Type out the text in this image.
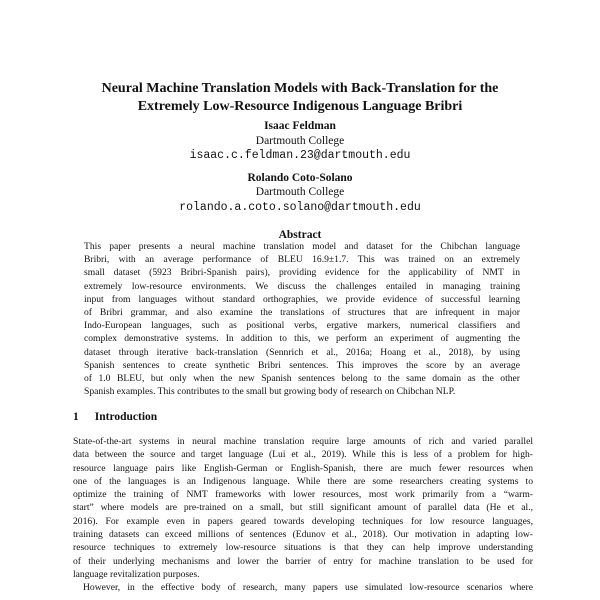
Neural Machine Translation Models with Back-Translation for the
Extremely Low-Resource Indigenous Language Bribri
Isaac Feldman
Dartmouth College
isaac.c.feldman.23@dartmouth.edu
Rolando Coto-Solano
Dartmouth College
rolando.a.coto.solano@dartmouth.edu
Abstract
This paper presents a neural machine translation model and dataset for the Chibchan language
Bribri, with an average performance of BLEU 16.9±1.7. This was trained on an extremely
small dataset (5923 Bribri-Spanish pairs), providing evidence for the applicability of NMT in
extremely low-resource environments. We discuss the challenges entailed in managing training
input from languages without standard orthographies, we provide evidence of successful learning
of Bribri grammar, and also examine the translations of structures that are infrequent in major
Indo-European languages, such as positional verbs, ergative markers, numerical classifiers and
complex demonstrative systems. In addition to this, we perform an experiment of augmenting the
dataset through iterative back-translation (Sennrich et al., 2016a; Hoang et al., 2018), by using
Spanish sentences to create synthetic Bribri sentences. This improves the score by an average
of 1.0 BLEU, but only when the new Spanish sentences belong to the same domain as the other
Spanish examples. This contributes to the small but growing body of research on Chibchan NLP.
1 Introduction
State-of-the-art systems in neural machine translation require large amounts of rich and varied parallel
data between the source and target language (Lui et al., 2019). While this is less of a problem for high-
resource language pairs like English-German or English-Spanish, there are much fewer resources when
one of the languages is an Indigenous language. While there are some researchers creating systems to
optimize the training of NMT frameworks with lower resources, most work primarily from a “warm-
start” where models are pre-trained on a small, but still significant amount of parallel data (He et al.,
2016). For example even in papers geared towards developing techniques for low resource languages,
training datasets can exceed millions of sentences (Edunov et al., 2018). Our motivation in adapting low-
resource techniques to extremely low-resource situations is that they can help improve understanding
of their underlying mechanisms and lower the barrier of entry for machine translation to be used for
language revitalization purposes.
However, in the effective body of research, many papers use simulated low-resource scenarios where
